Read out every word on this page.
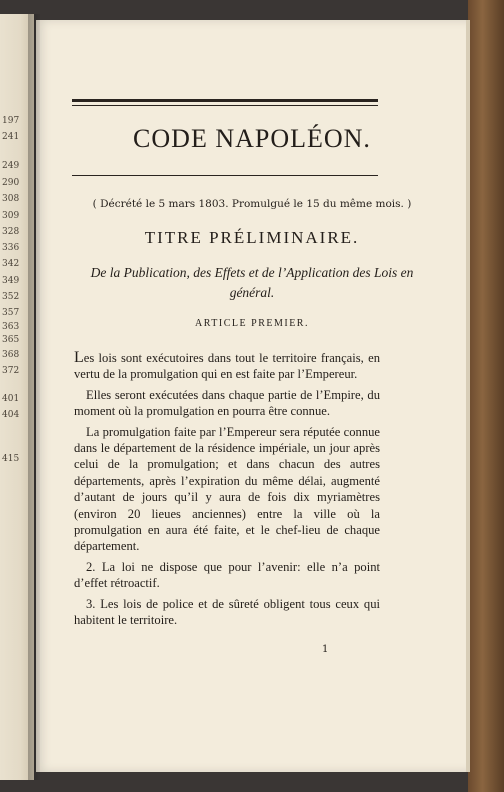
197
241
249
290
308
309
328
336
342
349
352
357
363
365
368
372
401
404
415
CODE NAPOLÉON.
( Décrété le 5 mars 1803. Promulgué le 15 du même mois. )
TITRE PRÉLIMINAIRE.
De la Publication, des Effets et de l’Application des Lois en général.
ARTICLE PREMIER.

Les lois sont exécutoires dans tout le territoire français, en vertu de la promulgation qui en est faite par l’Empereur.

Elles seront exécutées dans chaque partie de l’Empire, du moment où la promulgation en pourra être connue.

La promulgation faite par l’Empereur sera réputée connue dans le département de la résidence impériale, un jour après celui de la promulgation; et dans chacun des autres départements, après l’expiration du même délai, augmenté d’autant de jours qu’il y aura de fois dix myriamètres (environ 20 lieues anciennes) entre la ville où la promulgation en aura été faite, et le chef-lieu de chaque département.

2. La loi ne dispose que pour l’avenir: elle n’a point d’effet rétroactif.

3. Les lois de police et de sûreté obligent tous ceux qui habitent le territoire.

1
